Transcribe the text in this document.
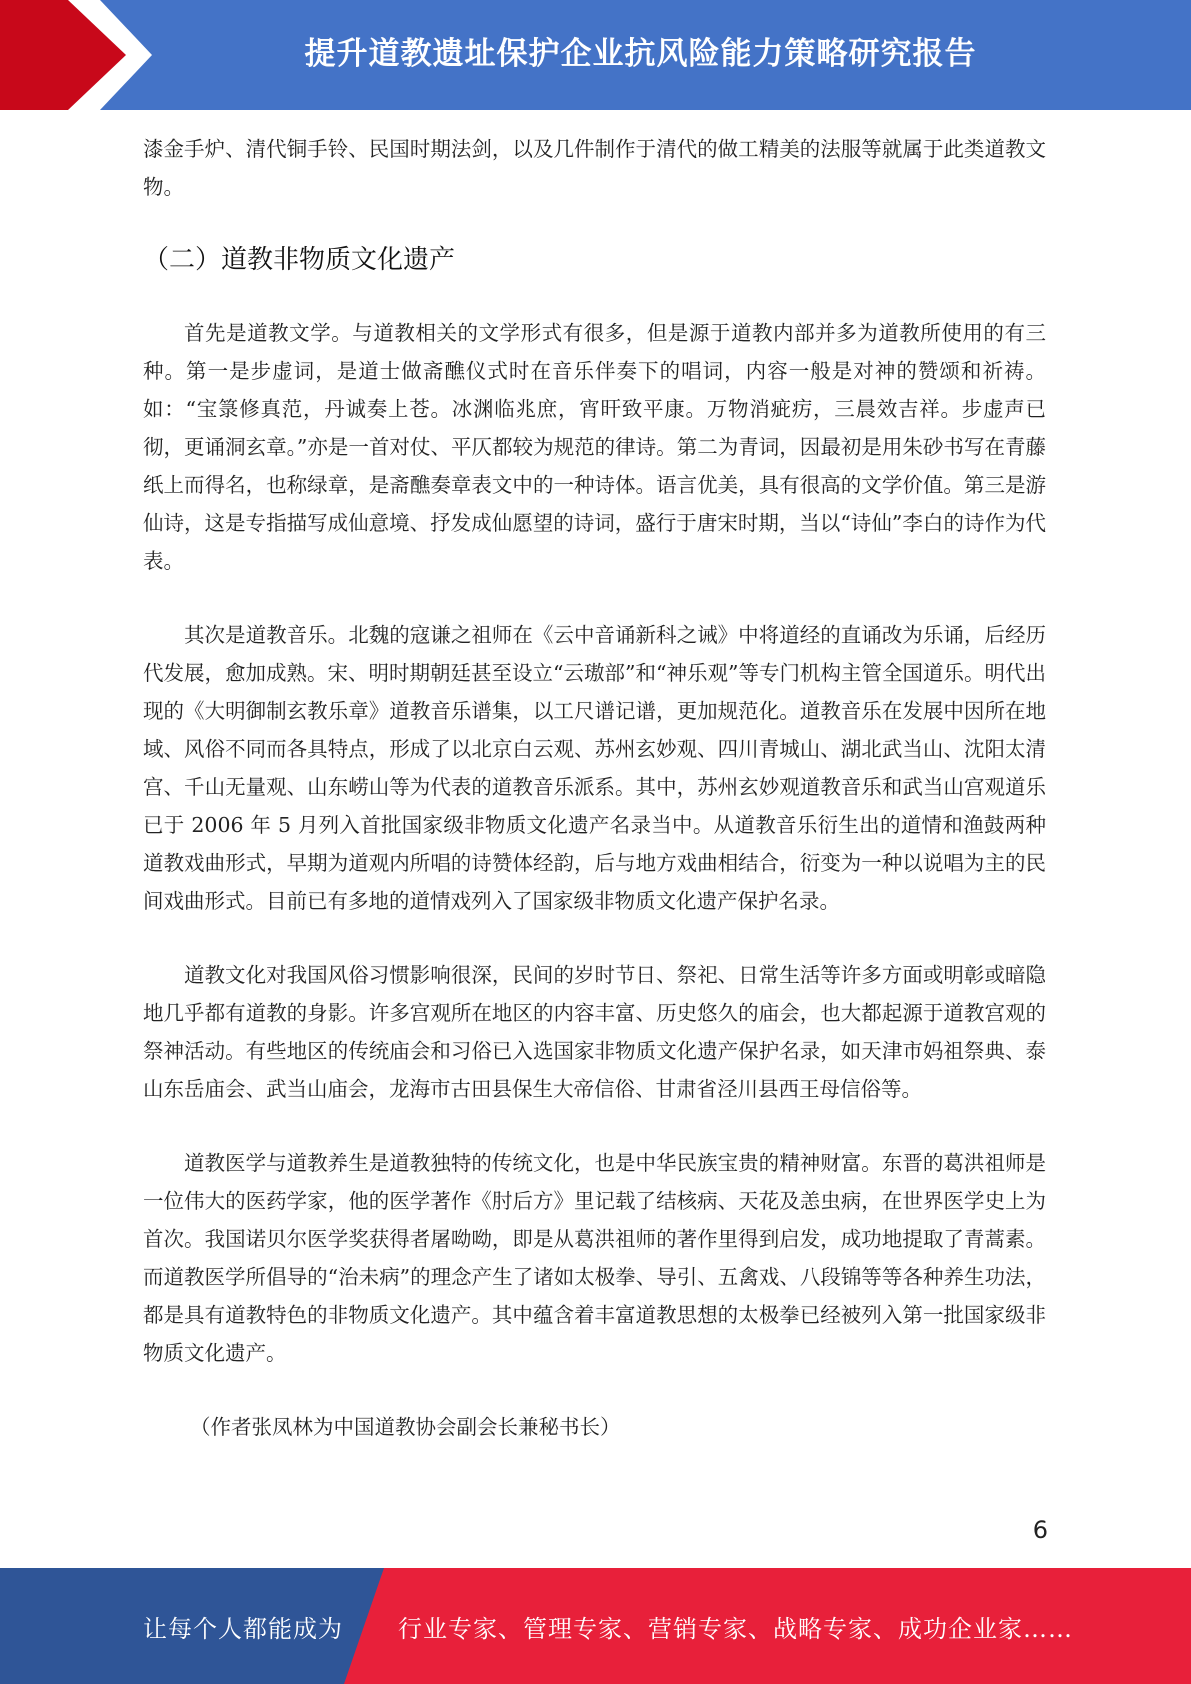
提升道教遗址保护企业抗风险能力策略研究报告

漆金手炉、清代铜手铃、民国时期法剑，以及几件制作于清代的做工精美的法服等就属于此类道教文物。

（二）道教非物质文化遗产

首先是道教文学。与道教相关的文学形式有很多，但是源于道教内部并多为道教所使用的有三种。第一是步虚词，是道士做斋醮仪式时在音乐伴奏下的唱词，内容一般是对神的赞颂和祈祷。如：“宝箓修真范，丹诚奏上苍。冰渊临兆庶，宵旰致平康。万物消疵疠，三晨效吉祥。步虚声已彻，更诵洞玄章。”亦是一首对仗、平仄都较为规范的律诗。第二为青词，因最初是用朱砂书写在青藤纸上而得名，也称绿章，是斋醮奏章表文中的一种诗体。语言优美，具有很高的文学价值。第三是游仙诗，这是专指描写成仙意境、抒发成仙愿望的诗词，盛行于唐宋时期，当以“诗仙”李白的诗作为代表。

其次是道教音乐。北魏的寇谦之祖师在《云中音诵新科之诫》中将道经的直诵改为乐诵，后经历代发展，愈加成熟。宋、明时期朝廷甚至设立“云璈部”和“神乐观”等专门机构主管全国道乐。明代出现的《大明御制玄教乐章》道教音乐谱集，以工尺谱记谱，更加规范化。道教音乐在发展中因所在地域、风俗不同而各具特点，形成了以北京白云观、苏州玄妙观、四川青城山、湖北武当山、沈阳太清宫、千山无量观、山东崂山等为代表的道教音乐派系。其中，苏州玄妙观道教音乐和武当山宫观道乐已于 2006 年 5 月列入首批国家级非物质文化遗产名录当中。从道教音乐衍生出的道情和渔鼓两种道教戏曲形式，早期为道观内所唱的诗赞体经韵，后与地方戏曲相结合，衍变为一种以说唱为主的民间戏曲形式。目前已有多地的道情戏列入了国家级非物质文化遗产保护名录。

道教文化对我国风俗习惯影响很深，民间的岁时节日、祭祀、日常生活等许多方面或明彰或暗隐地几乎都有道教的身影。许多宫观所在地区的内容丰富、历史悠久的庙会，也大都起源于道教宫观的祭神活动。有些地区的传统庙会和习俗已入选国家非物质文化遗产保护名录，如天津市妈祖祭典、泰山东岳庙会、武当山庙会，龙海市古田县保生大帝信俗、甘肃省泾川县西王母信俗等。

道教医学与道教养生是道教独特的传统文化，也是中华民族宝贵的精神财富。东晋的葛洪祖师是一位伟大的医药学家，他的医学著作《肘后方》里记载了结核病、天花及恙虫病，在世界医学史上为首次。我国诺贝尔医学奖获得者屠呦呦，即是从葛洪祖师的著作里得到启发，成功地提取了青蒿素。而道教医学所倡导的“治未病”的理念产生了诸如太极拳、导引、五禽戏、八段锦等等各种养生功法，都是具有道教特色的非物质文化遗产。其中蕴含着丰富道教思想的太极拳已经被列入第一批国家级非物质文化遗产。

（作者张凤林为中国道教协会副会长兼秘书长）

6
让每个人都能成为 行业专家、管理专家、营销专家、战略专家、成功企业家……
